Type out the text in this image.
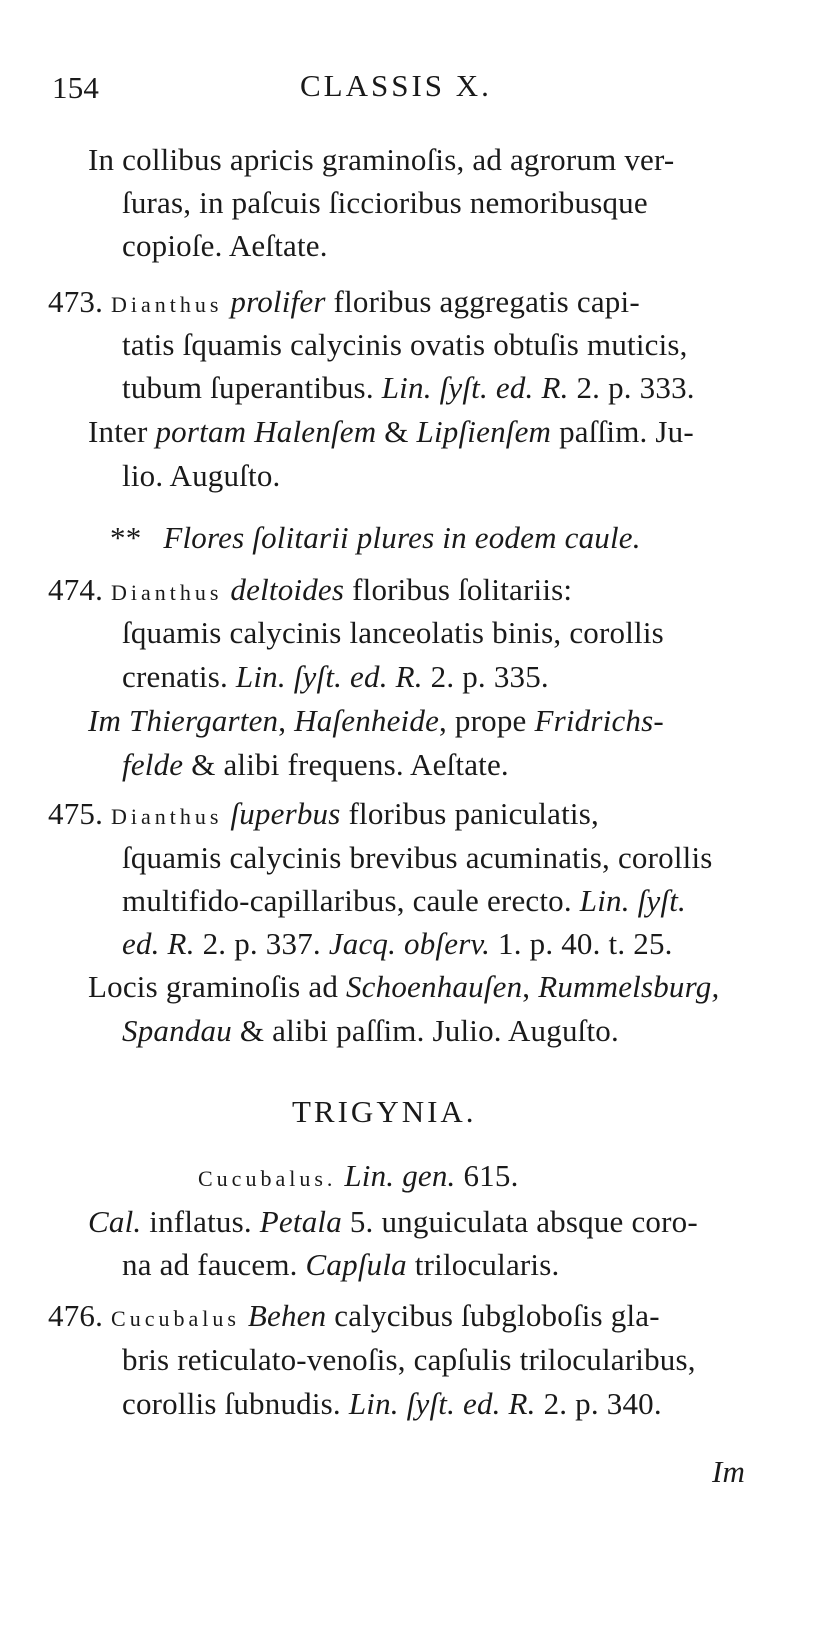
154	CLASSIS X.
In collibus apricis graminoſis, ad agrorum ver-
ſuras, in paſcuis ſiccioribus nemoribusque
copioſe. Aeſtate.
473. Dianthus prolifer floribus aggregatis capi-
tatis ſquamis calycinis ovatis obtuſis muticis,
tubum ſuperantibus. Lin. ſyſt. ed. R. 2. p. 333.
Inter portam Halenſem & Lipſienſem paſſim. Ju-
lio. Auguſto.
** Flores ſolitarii plures in eodem caule.
474. Dianthus deltoides floribus ſolitariis:
ſquamis calycinis lanceolatis binis, corollis
crenatis. Lin. ſyſt. ed. R. 2. p. 335.
Im Thiergarten, Haſenheide, prope Fridrichs-
felde & alibi frequens. Aeſtate.
475. Dianthus ſuperbus floribus paniculatis,
ſquamis calycinis brevibus acuminatis, corollis
multifido-capillaribus, caule erecto. Lin. ſyſt.
ed. R. 2. p. 337. Jacq. obſerv. 1. p. 40. t. 25.
Locis graminoſis ad Schoenhauſen, Rummelsburg,
Spandau & alibi paſſim. Julio. Auguſto.
TRIGYNIA.
Cucubalus. Lin. gen. 615.
Cal. inflatus. Petala 5. unguiculata absque coro-
na ad faucem. Capſula trilocularis.
476. Cucubalus Behen calycibus ſubgloboſis gla-
bris reticulato-venoſis, capſulis trilocularibus,
corollis ſubnudis. Lin. ſyſt. ed. R. 2. p. 340.
Im
